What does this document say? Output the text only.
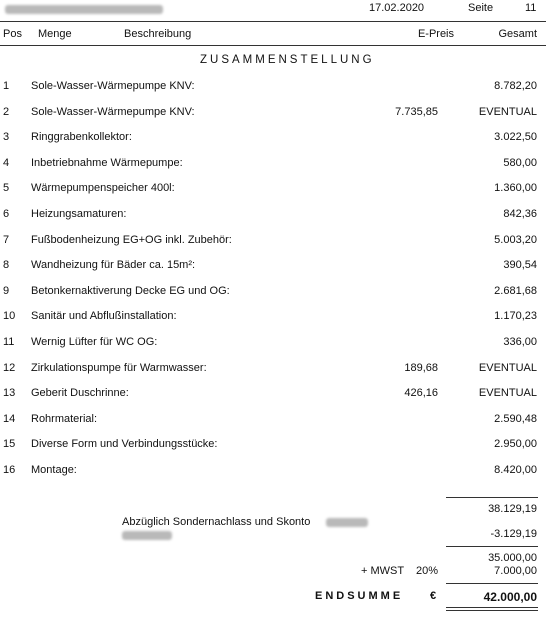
17.02.2020	Seite	11
Pos Menge	Beschreibung	E-Preis	Gesamt
ZUSAMMENSTELLUNG
1 Sole-Wasser-Wärmepumpe KNV:	8.782,20
2 Sole-Wasser-Wärmepumpe KNV:	7.735,85	EVENTUAL
3 Ringgrabenkollektor:	3.022,50
4 Inbetriebnahme Wärmepumpe:	580,00
5 Wärmepumpenspeicher 400l:	1.360,00
6 Heizungsamaturen:	842,36
7 Fußbodenheizung EG+OG inkl. Zubehör:	5.003,20
8 Wandheizung für Bäder ca. 15m²:	390,54
9 Betonkernaktiverung Decke EG und OG:	2.681,68
10 Sanitär und Abflußinstallation:	1.170,23
11 Wernig Lüfter für WC OG:	336,00
12 Zirkulationspumpe für Warmwasser:	189,68	EVENTUAL
13 Geberit Duschrinne:	426,16	EVENTUAL
14 Rohrmaterial:	2.590,48
15 Diverse Form und Verbindungsstücke:	2.950,00
16 Montage:	8.420,00
38.129,19
Abzüglich Sondernachlass und Skonto
-3.129,19
35.000,00
+ MWST 20%	7.000,00
ENDSUMME €	42.000,00
